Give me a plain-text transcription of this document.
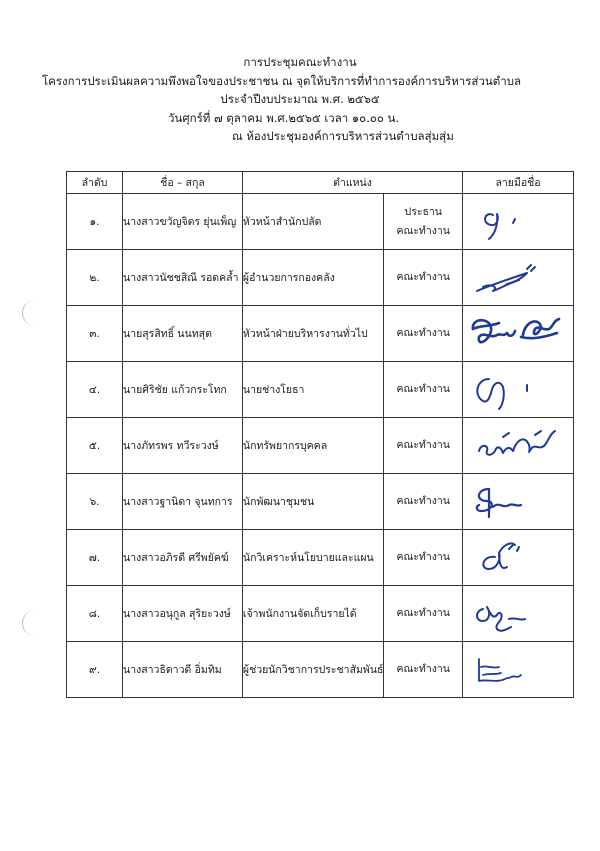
การประชุมคณะทำงาน
โครงการประเมินผลความพึงพอใจของประชาชน ณ จุดให้บริการที่ทำการองค์การบริหารส่วนตำบล
ประจำปีงบประมาณ พ.ศ. ๒๕๖๕
วันศุกร์ที่ ๗ ตุลาคม พ.ศ.๒๕๖๕ เวลา ๑๐.๐๐ น.
ณ ห้องประชุมองค์การบริหารส่วนตำบลสุ่มสุ่ม
ลำดับ	ชื่อ – สกุล	ตำแหน่ง		ลายมือชื่อ
๑.	นางสาวขวัญจิตร ยุ่นเพ็ญ	หัวหน้าสำนักปลัด	ประธาน
คณะทำงาน

๒.	นางสาวนัชชสิณี รอดคล้ำ	ผู้อำนวยการกองคลัง	คณะทำงาน	

๓.	นายสุรสิทธิ์ นนทสุต	หัวหน้าฝ่ายบริหารงานทั่วไป	คณะทำงาน	

๔.	นายศิริชัย แก้วกระโทก	นายช่างโยธา	คณะทำงาน	

๕.	นางภัทรพร ทวีระวงษ์	นักทรัพยากรบุคคล	คณะทำงาน	

๖.	นางสาวฐานิดา จุนทการ	นักพัฒนาชุมชน	คณะทำงาน	

๗.	นางสาวอภิรดี ศรีพยัคฆ์	นักวิเคราะห์นโยบายและแผน	คณะทำงาน	

๘.	นางสาวอนุกูล สุริยะวงษ์	เจ้าพนักงานจัดเก็บรายได้	คณะทำงาน	

๙.	นางสาวธิดาวดี อิ่มทิม	ผู้ช่วยนักวิชาการประชาสัมพันธ์	คณะทำงาน	
